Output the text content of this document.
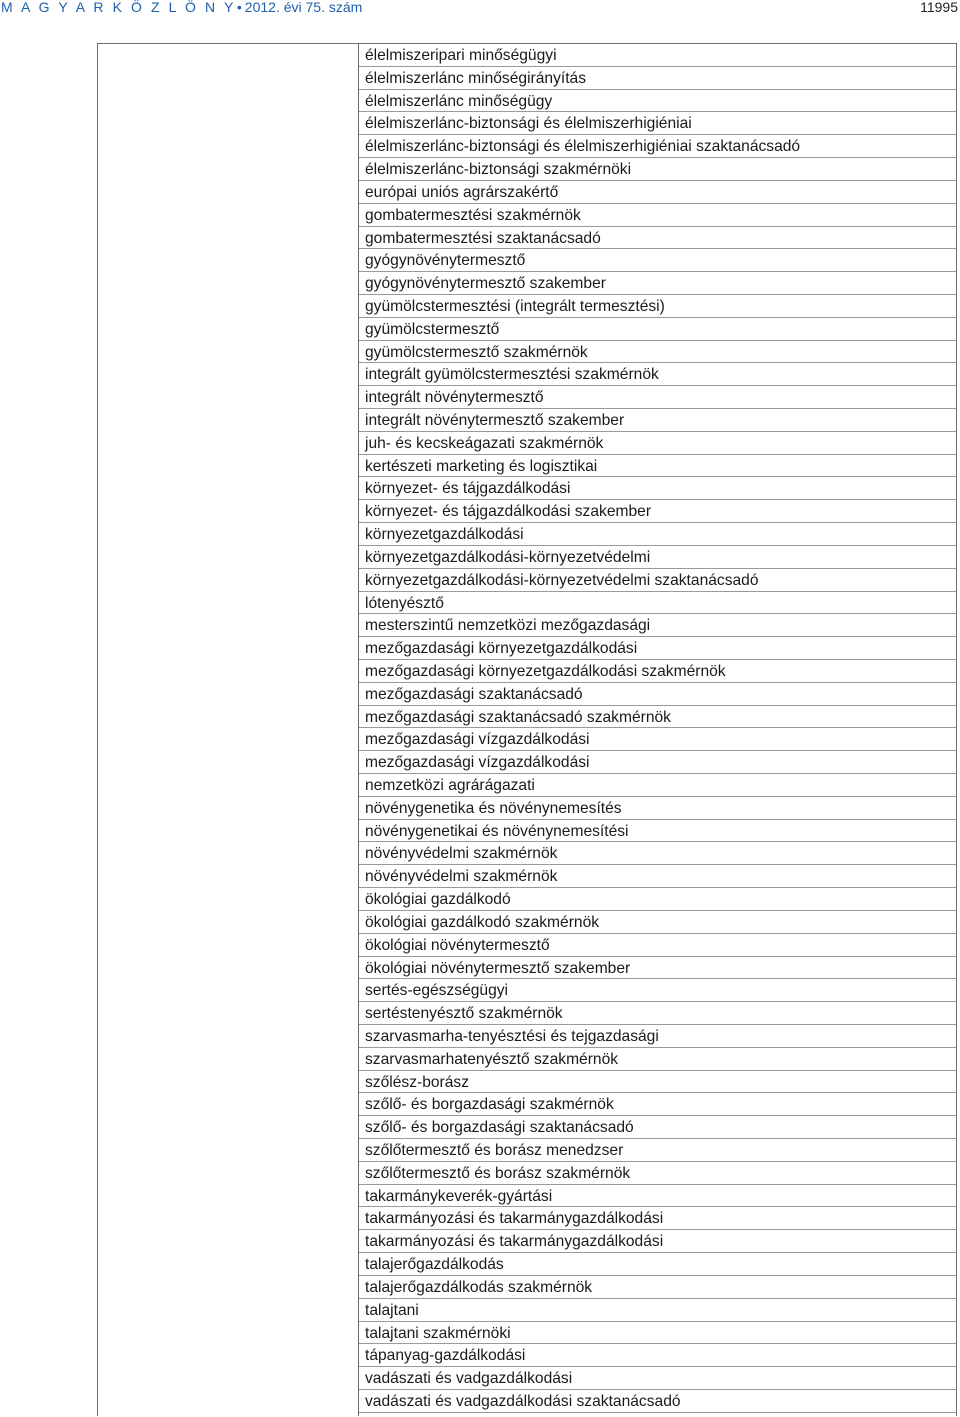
M A G Y A R K Ö Z L Ö N Y• 2012. évi 75. szám	11995
élelmiszeripari minőségügyi
élelmiszerlánc minőségirányítás
élelmiszerlánc minőségügy
élelmiszerlánc-biztonsági és élelmiszerhigiéniai
élelmiszerlánc-biztonsági és élelmiszerhigiéniai szaktanácsadó
élelmiszerlánc-biztonsági szakmérnöki
európai uniós agrárszakértő
gombatermesztési szakmérnök
gombatermesztési szaktanácsadó
gyógynövénytermesztő
gyógynövénytermesztő szakember
gyümölcstermesztési (integrált termesztési)
gyümölcstermesztő
gyümölcstermesztő szakmérnök
integrált gyümölcstermesztési szakmérnök
integrált növénytermesztő
integrált növénytermesztő szakember
juh- és kecskeágazati szakmérnök
kertészeti marketing és logisztikai
környezet- és tájgazdálkodási
környezet- és tájgazdálkodási szakember
környezetgazdálkodási
környezetgazdálkodási-környezetvédelmi
környezetgazdálkodási-környezetvédelmi szaktanácsadó
lótenyésztő
mesterszintű nemzetközi mezőgazdasági
mezőgazdasági környezetgazdálkodási
mezőgazdasági környezetgazdálkodási szakmérnök
mezőgazdasági szaktanácsadó
mezőgazdasági szaktanácsadó szakmérnök
mezőgazdasági vízgazdálkodási
mezőgazdasági vízgazdálkodási
nemzetközi agrárágazati
növénygenetika és növénynemesítés
növénygenetikai és növénynemesítési
növényvédelmi szakmérnök
növényvédelmi szakmérnök
ökológiai gazdálkodó
ökológiai gazdálkodó szakmérnök
ökológiai növénytermesztő
ökológiai növénytermesztő szakember
sertés-egészségügyi
sertéstenyésztő szakmérnök
szarvasmarha-tenyésztési és tejgazdasági
szarvasmarhatenyésztő szakmérnök
szőlész-borász
szőlő- és borgazdasági szakmérnök
szőlő- és borgazdasági szaktanácsadó
szőlőtermesztő és borász menedzser
szőlőtermesztő és borász szakmérnök
takarmánykeverék-gyártási
takarmányozási és takarmánygazdálkodási
takarmányozási és takarmánygazdálkodási
talajerőgazdálkodás
talajerőgazdálkodás szakmérnök
talajtani
talajtani szakmérnöki
tápanyag-gazdálkodási
vadászati és vadgazdálkodási
vadászati és vadgazdálkodási szaktanácsadó
